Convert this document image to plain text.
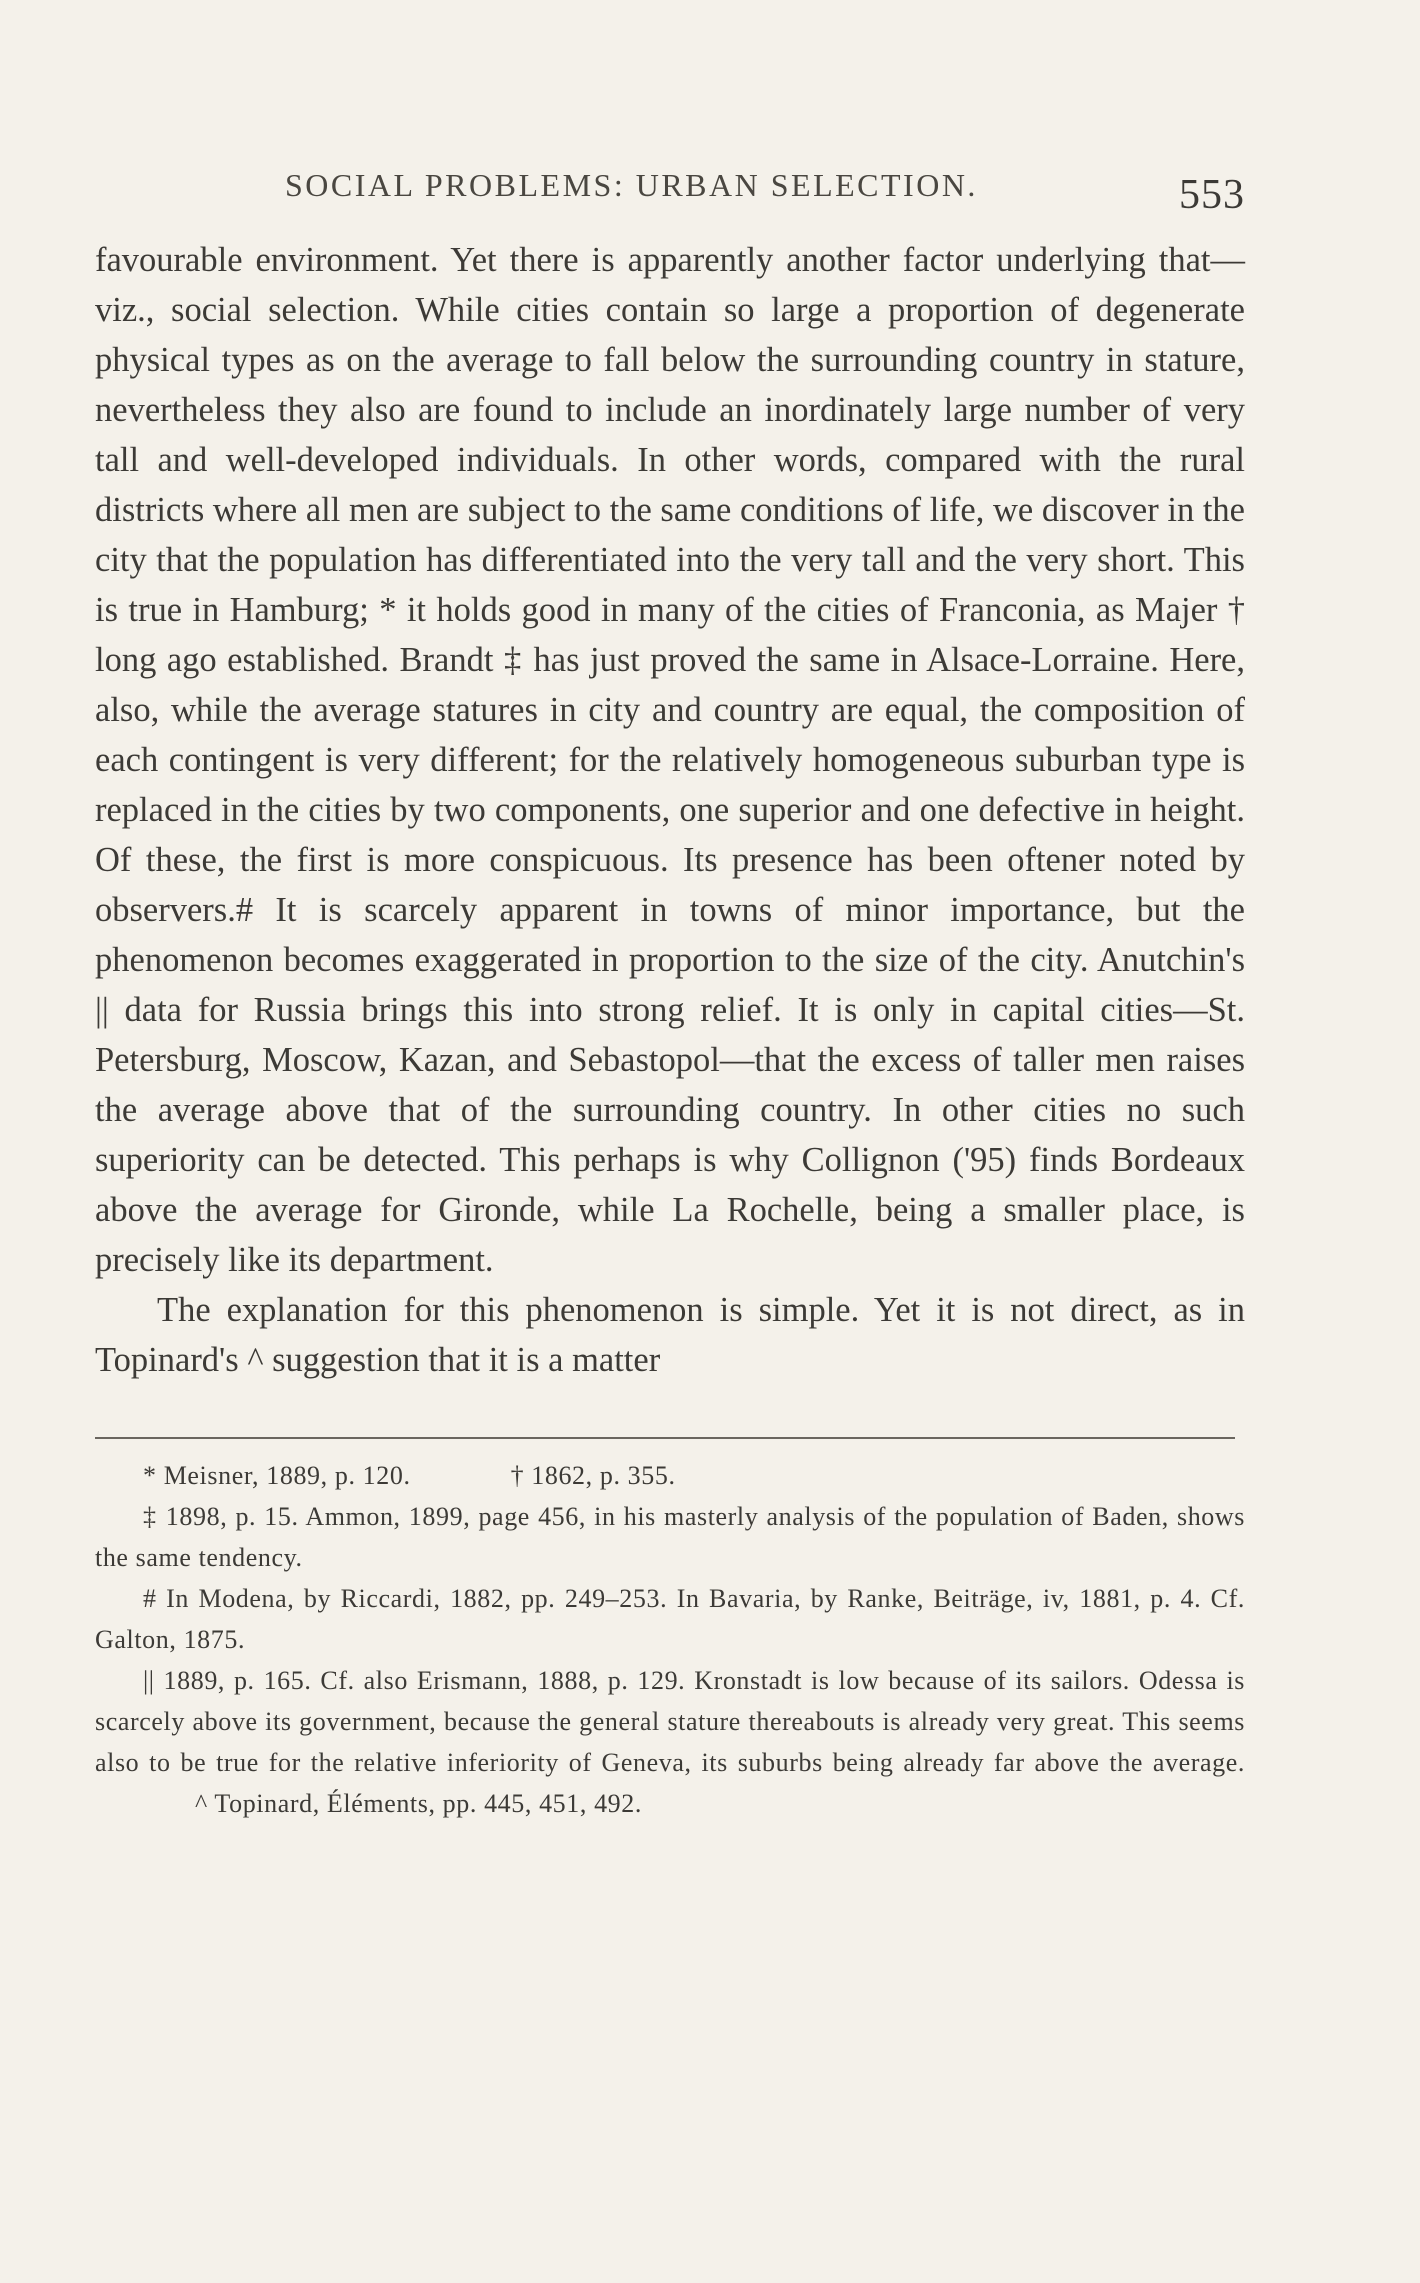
SOCIAL PROBLEMS: URBAN SELECTION.	553

favourable environment. Yet there is apparently another factor underlying that—viz., social selection. While cities contain so large a proportion of degenerate physical types as on the average to fall below the surrounding country in stature, nevertheless they also are found to include an inordinately large number of very tall and well-developed individuals. In other words, compared with the rural districts where all men are subject to the same conditions of life, we discover in the city that the population has differentiated into the very tall and the very short. This is true in Hamburg; * it holds good in many of the cities of Franconia, as Majer † long ago established. Brandt ‡ has just proved the same in Alsace-Lorraine. Here, also, while the average statures in city and country are equal, the composition of each contingent is very different; for the relatively homogeneous suburban type is replaced in the cities by two components, one superior and one defective in height. Of these, the first is more conspicuous. Its presence has been oftener noted by observers.# It is scarcely apparent in towns of minor importance, but the phenomenon becomes exaggerated in proportion to the size of the city. Anutchin's || data for Russia brings this into strong relief. It is only in capital cities—St. Petersburg, Moscow, Kazan, and Sebastopol—that the excess of taller men raises the average above that of the surrounding country. In other cities no such superiority can be detected. This perhaps is why Collignon ('95) finds Bordeaux above the average for Gironde, while La Rochelle, being a smaller place, is precisely like its department.

The explanation for this phenomenon is simple. Yet it is not direct, as in Topinard's ^ suggestion that it is a matter

* Meisner, 1889, p. 120.	† 1862, p. 355.

‡ 1898, p. 15. Ammon, 1899, page 456, in his masterly analysis of the population of Baden, shows the same tendency.

# In Modena, by Riccardi, 1882, pp. 249–253. In Bavaria, by Ranke, Beiträge, iv, 1881, p. 4. Cf. Galton, 1875.

|| 1889, p. 165. Cf. also Erismann, 1888, p. 129. Kronstadt is low because of its sailors. Odessa is scarcely above its government, because the general stature thereabouts is already very great. This seems also to be true for the relative inferiority of Geneva, its suburbs being already far above the average.^ Topinard, Éléments, pp. 445, 451, 492.
